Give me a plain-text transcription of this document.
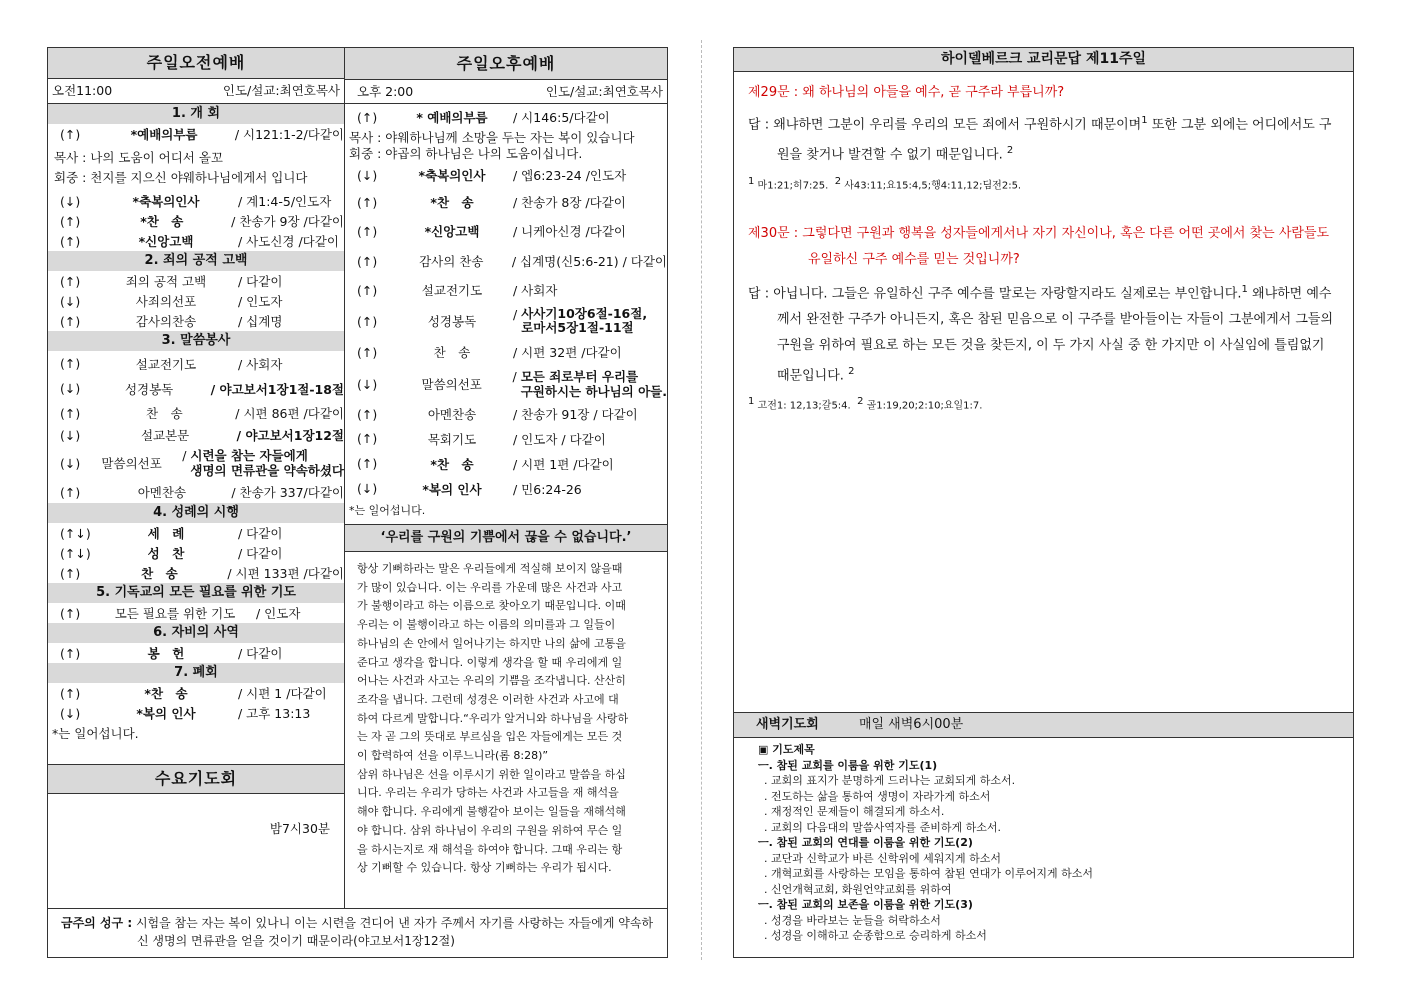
금주의 성구 : 시험을 참는 자는 복이 있나니 이는 시련을 견디어 낸 자가 주께서 자기를 사랑하는 자들에게 약속하
신 생명의 면류관을 얻을 것이기 때문이라(야고보서1장12절)
주일오전예배
오전11:00	인도/설교:최연호목사
1. 개 회
(↑)	*예배의부름	/ 시121:1-2/다같이
목사 : 나의 도움이 어디서 올꼬
회중 : 천지를 지으신 야웨하나님에게서 입니다
(↓)	*축복의인사	/ 계1:4-5/인도자
(↑)	*찬　송	/ 찬송가 9장 /다같이
(↑)	*신앙고백	/ 사도신경 /다같이
2. 죄의 공적 고백
(↑)	죄의 공적 고백	/ 다같이
(↓)	사죄의선포	/ 인도자
(↑)	감사의찬송	/ 십계명
3. 말씀봉사
(↑)	설교전기도	/ 사회자
(↓)	성경봉독	/ 야고보서1장1절-18절
(↑)	찬　송	/ 시편 86편 /다같이
(↓)	설교본문	/ 야고보서1장12절
(↓)	말씀의선포
/ 시련을 참는 자들에게
생명의 면류관을 약속하셨다
(↑)	아멘찬송	/ 찬송가 337/다같이
4. 성례의 시행
(↑↓)	세　례	/ 다같이
(↑↓)	성　찬	/ 다같이
(↑)	찬　송	/ 시편 133편 /다같이
5. 기독교의 모든 필요를 위한 기도
(↑)	모든 필요를 위한 기도	/ 인도자
6. 자비의 사역
(↑)	봉　헌	/ 다같이
7. 폐회
(↑)	*찬　송	/ 시편 1 /다같이
(↓)	*복의 인사	/ 고후 13:13
*는 일어섭니다.
수요기도회
밤7시30분
주일오후예배
오후 2:00	인도/설교:최연호목사
(↑)	* 예배의부름	/ 시146:5/다같이
목사 : 야웨하나님께 소망을 두는 자는 복이 있습니다
회중 : 야곱의 하나님은 나의 도움이십니다.
(↓)	*축복의인사	/ 엡6:23-24 /인도자
(↑)	*찬　송	/ 찬송가 8장 /다같이
(↑)	*신앙고백	/ 니케아신경 /다같이
(↑)	감사의 찬송	/ 십계명(신5:6-21) / 다같이
(↑)	설교전기도	/ 사회자
(↑)	성경봉독	/ 사사기10장6절-16절,
로마서5장1절-11절
(↑)	찬　송	/ 시편 32편 /다같이
(↓)	말씀의선포
/ 모든 죄로부터 우리를
구원하시는 하나님의 아들.
(↑)	아멘찬송	/ 찬송가 91장 / 다같이
(↑)	목회기도	/ 인도자 / 다같이
(↑)	*찬　송	/ 시편 1편 /다같이
(↓)	*복의 인사	/ 민6:24-26
*는 일어섭니다.
‘우리를 구원의 기쁨에서 끊을 수 없습니다.’
항상 기뻐하라는 말은 우리들에게 적실해 보이지 않을때
가 많이 있습니다. 이는 우리를 가운데 많은 사건과 사고
가 불행이라고 하는 이름으로 찾아오기 때문입니다. 이때
우리는 이 불행이라고 하는 이름의 의미를과 그 일들이
하나님의 손 안에서 일어나기는 하지만 나의 삶에 고통을
준다고 생각을 합니다. 이렇게 생각을 할 때 우리에게 일
어나는 사건과 사고는 우리의 기쁨을 조각냅니다. 산산히
조각을 냅니다. 그런데 성경은 이러한 사건과 사고에 대
하여 다르게 말합니다.“우리가 알거니와 하나님을 사랑하
는 자 곧 그의 뜻대로 부르심을 입은 자들에게는 모든 것
이 합력하여 선을 이루느니라(롬 8:28)”
삼위 하나님은 선을 이루시기 위한 일이라고 말씀을 하십
니다. 우리는 우리가 당하는 사건과 사고들을 재 해석을
해야 합니다. 우리에게 불행같아 보이는 일들을 재해석해
야 합니다. 삼위 하나님이 우리의 구원을 위하여 무슨 일
을 하시는지로 재 해석을 하여야 합니다. 그때 우리는 항
상 기뻐할 수 있습니다. 항상 기뻐하는 우리가 됩시다.
하이델베르크 교리문답 제11주일
제29문 : 왜 하나님의 아들을 예수, 곧 구주라 부릅니까?
답 : 왜냐하면 그분이 우리를 우리의 모든 죄에서 구원하시기 때문이며$^1$ 또한 그분 외에는 어디에서도 구
원을 찾거나 발견할 수 없기 때문입니다. $^2$
1 마1:21;히7:25. 2 사43:11;요15:4,5;행4:11,12;딤전2:5.
제30문 : 그렇다면 구원과 행복을 성자들에게서나 자기 자신이나, 혹은 다른 어떤 곳에서 찾는 사람들도
유일하신 구주 예수를 믿는 것입니까?
답 : 아닙니다. 그들은 유일하신 구주 예수를 말로는 자랑할지라도 실제로는 부인합니다.$^1$ 왜냐하면 예수
께서 완전한 구주가 아니든지, 혹은 참된 믿음으로 이 구주를 받아들이는 자들이 그분에게서 그들의
구원을 위하여 필요로 하는 모든 것을 찾든지, 이 두 가지 사실 중 한 가지만 이 사실임에 틀림없기
때문입니다. $^2$
1 고전1: 12,13;갈5:4. 2 골1:19,20;2:10;요일1:7.
새벽기도회	매일 새벽6시00분
▣ 기도제목
ㅡ. 참된 교회를 이룸을 위한 기도(1)
. 교회의 표지가 분명하게 드러나는 교회되게 하소서.
. 전도하는 삶을 통하여 생명이 자라가게 하소서
. 재정적인 문제들이 해결되게 하소서.
. 교회의 다음대의 말씀사역자를 준비하게 하소서.
ㅡ. 참된 교회의 연대를 이룸을 위한 기도(2)
. 교단과 신학교가 바른 신학위에 세워지게 하소서
. 개혁교회를 사랑하는 모임을 통하여 참된 연대가 이루어지게 하소서
. 신언개혁교회, 화원언약교회를 위하여
ㅡ. 참된 교회의 보존을 이룸을 위한 기도(3)
. 성경을 바라보는 눈들을 허락하소서
. 성경을 이해하고 순종함으로 승리하게 하소서
